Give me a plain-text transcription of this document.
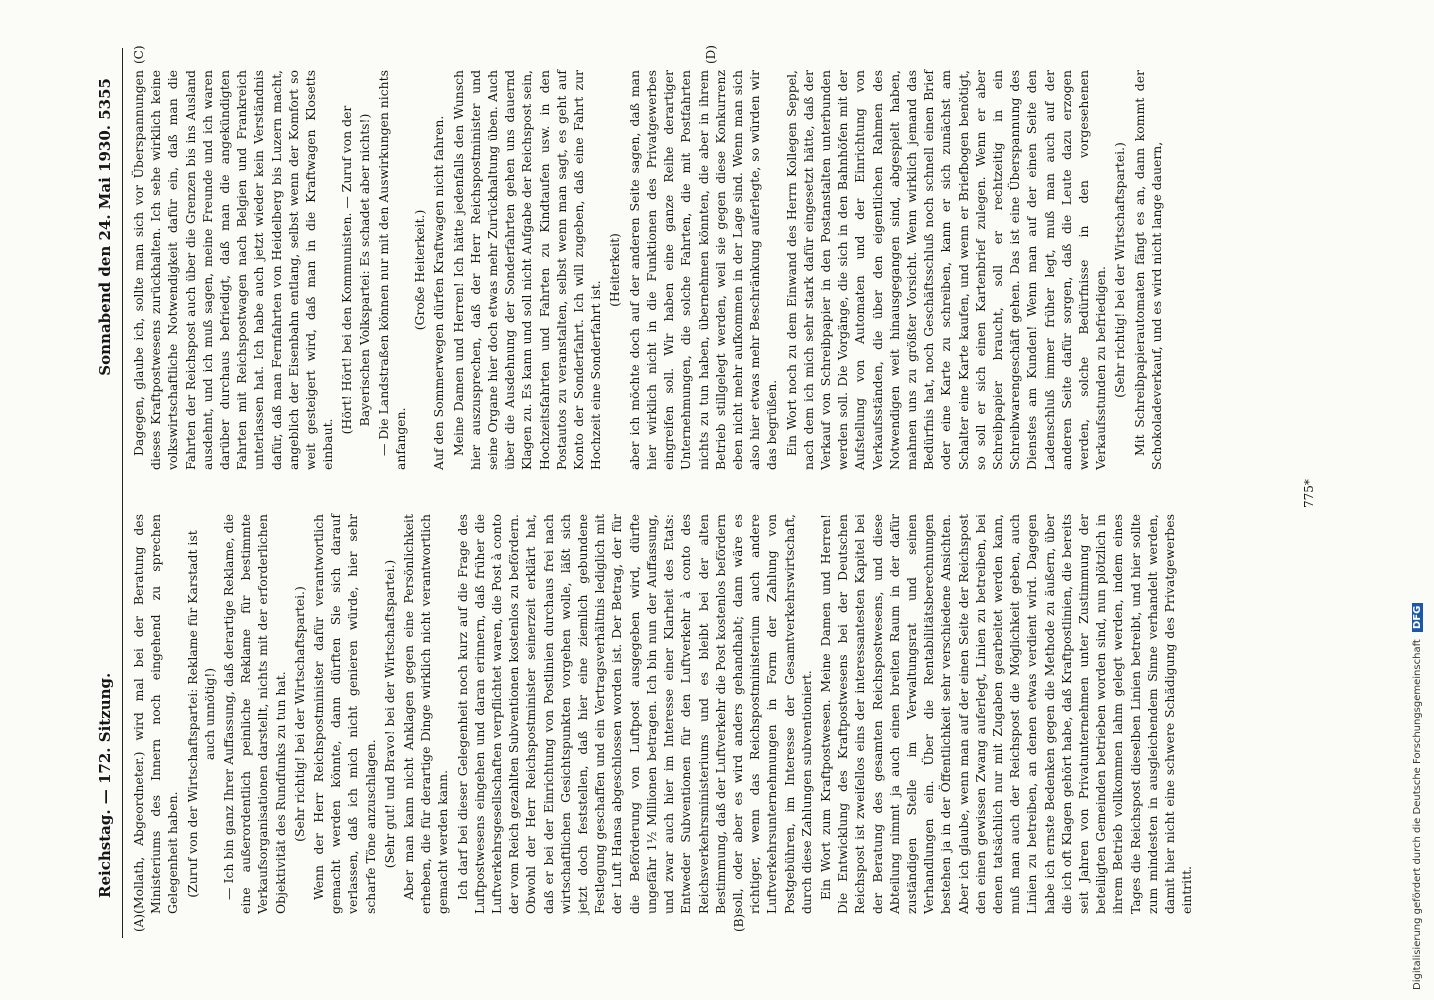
Reichstag. — 172. Sitzung.
Sonnabend den 24. Mai 1930. 5355
(A)	(B)
(C)	(D)

(Mollath, Abgeordneter.) wird mal bei der Beratung des Ministeriums des Innern noch eingehend zu sprechen Gelegenheit haben. (Zuruf von der Wirtschaftspartei: Reklame für Karstadt ist auch unnötig!) — Ich bin ganz Ihrer Auffassung, daß derartige Reklame, die eine außerordentlich peinliche Reklame für bestimmte Verkaufsorganisationen darstellt, nichts mit der erforderlichen Objektivität des Rundfunks zu tun hat. (Sehr richtig! bei der Wirtschaftspartei.) Wenn der Herr Reichspostminister dafür verantwortlich gemacht werden könnte, dann dürften Sie sich darauf verlassen, daß ich mich nicht genieren würde, hier sehr scharfe Töne anzuschlagen. (Sehr gut! und Bravo! bei der Wirtschaftspartei.) Aber man kann nicht Anklagen gegen eine Persönlichkeit erheben, die für derartige Dinge wirklich nicht verantwortlich gemacht werden kann. Ich darf bei dieser Gelegenheit noch kurz auf die Frage des Luftpostwesens eingehen und daran erinnern, daß früher die Luftverkehrsgesellschaften verpflichtet waren, die Post à conto der vom Reich gezahlten Subventionen kostenlos zu befördern. Obwohl der Herr Reichspostminister seinerzeit erklärt hat, daß er bei der Einrichtung von Postlinien durchaus frei nach wirtschaftlichen Gesichtspunkten vorgehen wolle, läßt sich jetzt doch feststellen, daß hier eine ziemlich gebundene Festlegung geschaffen und ein Vertragsverhältnis lediglich mit der Luft Hansa abgeschlossen worden ist. Der Betrag, der für die Beförderung von Luftpost ausgegeben wird, dürfte ungefähr 1½ Millionen betragen. Ich bin nun der Auffassung, und zwar auch hier im Interesse einer Klarheit des Etats: Entweder Subventionen für den Luftverkehr à conto des Reichsverkehrsministeriums und es bleibt bei der alten Bestimmung, daß der Luftverkehr die Post kostenlos befördern soll, oder aber es wird anders gehandhabt; dann wäre es richtiger, wenn das Reichspostministerium auch andere Luftverkehrsunternehmungen in Form der Zahlung von Postgebühren, im Interesse der Gesamtverkehrswirtschaft, durch diese Zahlungen subventioniert. Ein Wort zum Kraftpostwesen. Meine Damen und Herren! Die Entwicklung des Kraftpostwesens bei der Deutschen Reichspost ist zweifellos eins der interessantesten Kapitel bei der Beratung des gesamten Reichspostwesens, und diese Abteilung nimmt ja auch einen breiten Raum in der dafür zuständigen Stelle im Verwaltungsrat und seinen Verhandlungen ein. Über die Rentabilitätsberechnungen bestehen ja in der Öffentlichkeit sehr verschiedene Ansichten. Aber ich glaube, wenn man auf der einen Seite der Reichspost den einen gewissen Zwang auferlegt, Linien zu betreiben, bei denen tatsächlich nur mit Zugaben gearbeitet werden kann, muß man auch der Reichspost die Möglichkeit geben, auch Linien zu betreiben, an denen etwas verdient wird. Dagegen habe ich ernste Bedenken gegen die Methode zu äußern, über die ich oft Klagen gehört habe, daß Kraftpostlinien, die bereits seit Jahren von Privatunternehmen unter Zustimmung der beteiligten Gemeinden betrieben worden sind, nun plötzlich in ihrem Betrieb vollkommen lahm gelegt werden, indem eines Tages die Reichspost dieselben Linien betreibt, und hier sollte zum mindesten in ausgleichendem Sinne verhandelt werden, damit hier nicht eine schwere Schädigung des Privatgewerbes eintritt.

Dagegen, glaube ich, sollte man sich vor Überspannungen dieses Kraftpostwesens zurückhalten. Ich sehe wirklich keine volkswirtschaftliche Notwendigkeit dafür ein, daß man die Fahrten der Reichspost auch über die Grenzen bis ins Ausland ausdehnt, und ich muß sagen, meine Freunde und ich waren darüber durchaus befriedigt, daß man die angekündigten Fahrten mit Reichspostwagen nach Belgien und Frankreich unterlassen hat. Ich habe auch jetzt wieder kein Verständnis dafür, daß man Fernfahrten von Heidelberg bis Luzern macht, angeblich der Eisenbahn entlang, selbst wenn der Komfort so weit gesteigert wird, daß man in die Kraftwagen Klosetts einbaut.

(Hört! Hört! bei den Kommunisten. — Zuruf von der Bayerischen Volkspartei: Es schadet aber nichts!) — Die Landstraßen können nur mit den Auswirkungen nichts anfangen.

(Große Heiterkeit.) Auf den Sommerwegen dürfen Kraftwagen nicht fahren. Meine Damen und Herren! Ich hätte jedenfalls den Wunsch hier auszusprechen, daß der Herr Reichspostminister und seine Organe hier doch etwas mehr Zurückhaltung üben. Auch über die Ausdehnung der Sonderfahrten gehen uns dauernd Klagen zu. Es kann und soll nicht Aufgabe der Reichspost sein, Hochzeitsfahrten und Fahrten zu Kindtaufen usw. in den Postautos zu veranstalten, selbst wenn man sagt, es geht auf Konto der Sonderfahrt. Ich will zugeben, daß eine Fahrt zur Hochzeit eine Sonderfahrt ist.

(Heiterkeit) aber ich möchte doch auf der anderen Seite sagen, daß man hier wirklich nicht in die Funktionen des Privatgewerbes eingreifen soll. Wir haben eine ganze Reihe derartiger Unternehmungen, die solche Fahrten, die mit Postfahrten nichts zu tun haben, übernehmen könnten, die aber in ihrem Betrieb stillgelegt werden, weil sie gegen diese Konkurrenz eben nicht mehr aufkommen in der Lage sind. Wenn man sich also hier etwas mehr Beschränkung auferlegte, so würden wir das begrüßen. Ein Wort noch zu dem Einwand des Herrn Kollegen Seppel, nach dem ich mich sehr stark dafür eingesetzt hätte, daß der Verkauf von Schreibpapier in den Postanstalten unterbunden werden soll. Die Vorgänge, die sich in den Bahnhöfen mit der Aufstellung von Automaten und der Einrichtung von Verkaufsständen, die über den eigentlichen Rahmen des Notwendigen weit hinausgegangen sind, abgespielt haben, mahnen uns zu größter Vorsicht. Wenn wirklich jemand das Bedürfnis hat, noch Geschäftsschluß noch schnell einen Brief oder eine Karte zu schreiben, kann er sich zunächst am Schalter eine Karte kaufen, und wenn er Briefbogen benötigt, so soll er sich einen Kartenbrief zulegen. Wenn er aber Schreibpapier braucht, soll er rechtzeitig in ein Schreibwarengeschäft gehen. Das ist eine Überspannung des Dienstes am Kunden! Wenn man auf der einen Seite den Ladenschluß immer früher legt, muß man auch auf der anderen Seite dafür sorgen, daß die Leute dazu erzogen werden, solche Bedürfnisse in den vorgesehenen Verkaufsstunden zu befriedigen. (Sehr richtig! bei der Wirtschaftspartei.) Mit Schreibpapierautomaten fängt es an, dann kommt der Schokoladeverkauf, und es wird nicht lange dauern,

775*
Digitalisierung gefördert durch die Deutsche Forschungsgemeinschaft DFG
